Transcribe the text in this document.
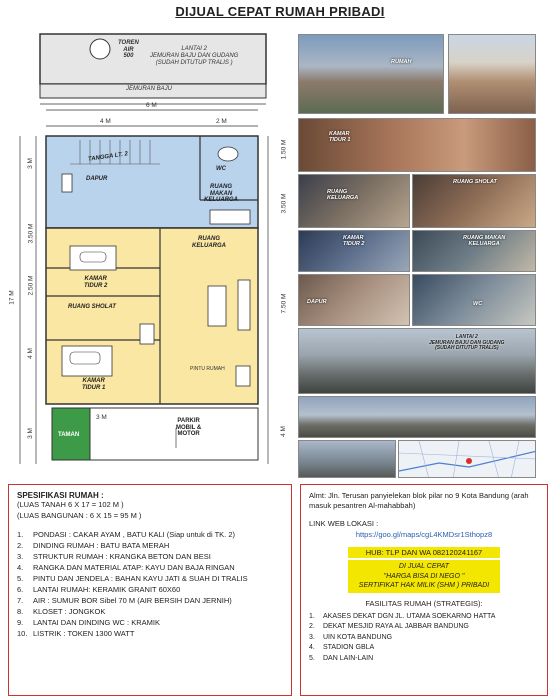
DIJUAL CEPAT RUMAH PRIBADI
TOREN
AIR
500
LANTAI 2
JEMURAN BAJU DAN GUDANG
(SUDAH DITUTUP TRALIS )
JEMURAN BAJU
6 M
4 M	2 M
TANGGA LT. 2
WC
DAPUR
RUANG
MAKAN
KELUARGA
RUANG
KELUARGA
KAMAR
TIDUR 2
RUANG SHOLAT
KAMAR
TIDUR 1
PINTU RUMAH
TAMAN
PARKIR
MOBIL &
MOTOR
3 M
3 M
3.50 M
2.50 M
4 M
3 M
17 M
1.50 M
3.50 M
7.50 M
4 M
RUMAH
KAMAR
TIDUR 1
RUANG
KELUARGA
RUANG SHOLAT
KAMAR
TIDUR 2
RUANG MAKAN
KELUARGA
DAPUR	WC
LANTAI 2
JEMURAN BAJU DAN GUDANG
(SUDAH DITUTUP TRALIS)
SPESIFIKASI RUMAH :
(LUAS TANAH 6 X 17 = 102 M )
(LUAS BANGUNAN : 6 X 15 = 95 M )
1. PONDASI : CAKAR AYAM , BATU KALI (Siap untuk di TK. 2)
2. DINDING RUMAH : BATU BATA MERAH
3. STRUKTUR RUMAH : KRANGKA BETON DAN BESI
4. RANGKA DAN MATERIAL ATAP: KAYU DAN BAJA RINGAN
5. PINTU DAN JENDELA : BAHAN KAYU JATI & SUAH DI TRALIS
6. LANTAI RUMAH: KERAMIK GRANIT 60X60
7. AIR : SUMUR BOR Sibel 70 M (AIR BERSIH DAN JERNIH)
8. KLOSET : JONGKOK
9. LANTAI DAN DINDING WC : KRAMIK
10. LISTRIK : TOKEN 1300 WATT
Almt: Jln. Terusan panyielekan blok pilar no 9 Kota Bandung (arah masuk pesantren Al-mahabbah)
LINK WEB LOKASI :
https://goo.gl/maps/cgL4KMDsr1Sthopz8
HUB: TLP DAN WA 082120241167
DI JUAL CEPAT
"HARGA BISA DI NEGO "
SERTIFIKAT HAK MILIK (SHM ) PRIBADI
FASILITAS RUMAH (STRATEGIS):
1. AKASES DEKAT DGN JL. UTAMA SOEKARNO HATTA
2. DEKAT MESJID RAYA AL JABBAR BANDUNG
3. UIN KOTA BANDUNG
4. STADION GBLA
5. DAN LAIN-LAIN
